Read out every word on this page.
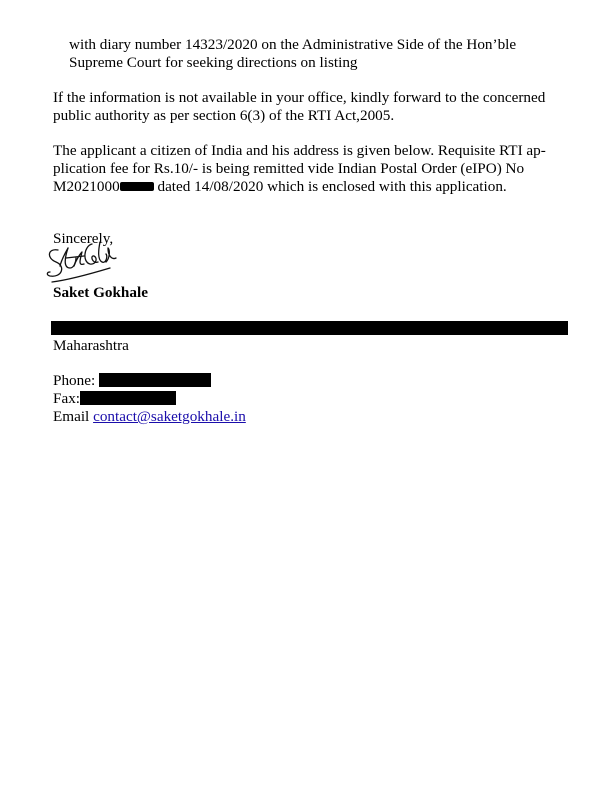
with diary number 14323/2020 on the Administrative Side of the Hon’ble
Supreme Court for seeking directions on listing
If the information is not available in your office, kindly forward to the concerned
public authority as per section 6(3) of the RTI Act,2005.
The applicant a citizen of India and his address is given below. Requisite RTI ap-
plication fee for Rs.10/- is being remitted vide Indian Postal Order (eIPO) No
M2021000 dated 14/08/2020 which is enclosed with this application.
Sincerely,
Saket Gokhale
Maharashtra
Phone:
Fax:
Email contact@saketgokhale.in
